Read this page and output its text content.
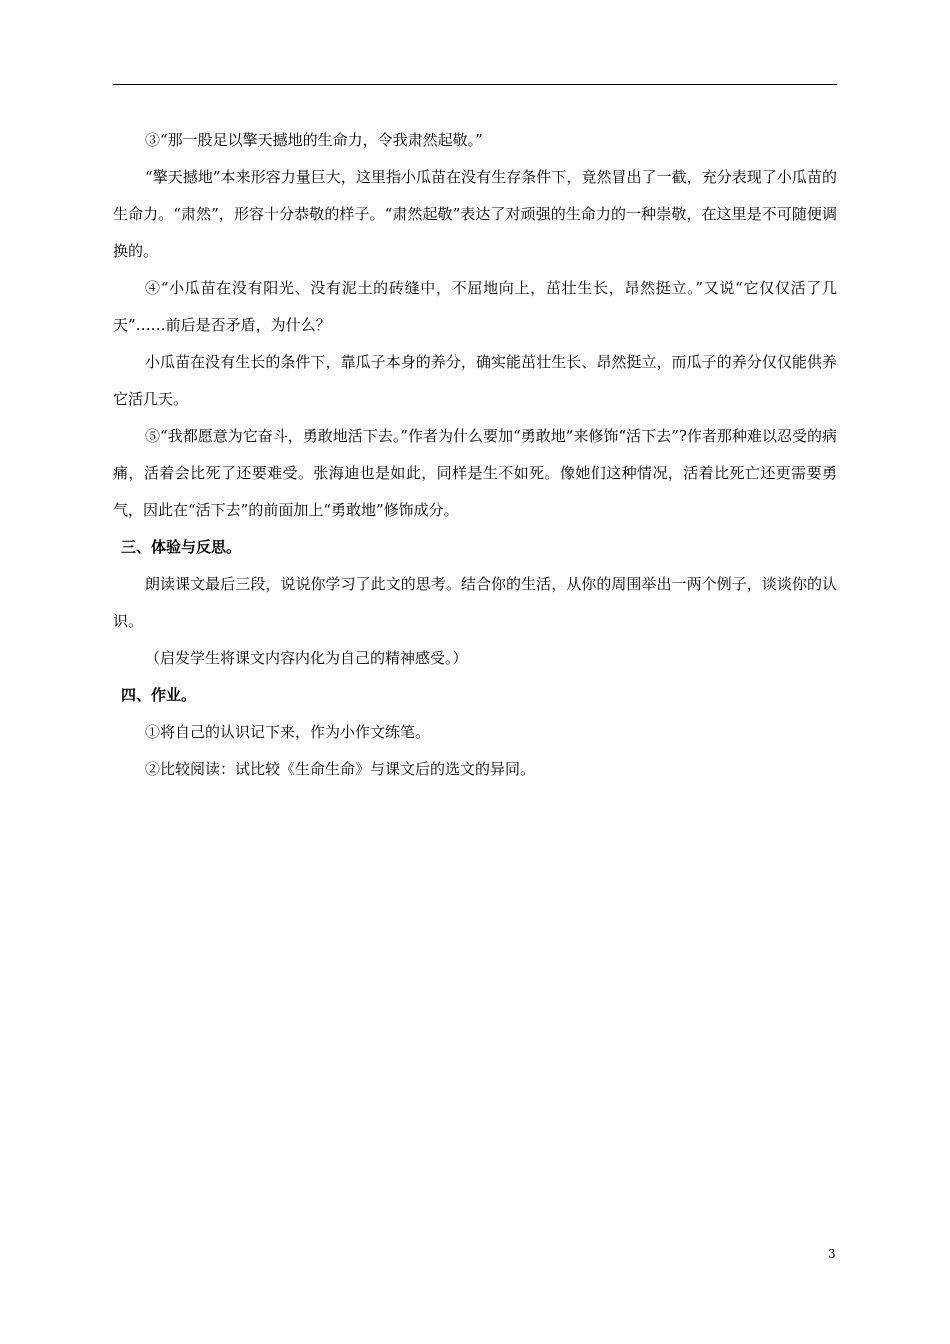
③“那一股足以擎天撼地的生命力，令我肃然起敬。”

“擎天撼地”本来形容力量巨大，这里指小瓜苗在没有生存条件下，竟然冒出了一截，充分表现了小瓜苗的生命力。“肃然”，形容十分恭敬的样子。“肃然起敬”表达了对顽强的生命力的一种崇敬，在这里是不可随便调换的。

④“小瓜苗在没有阳光、没有泥土的砖缝中，不屈地向上，茁壮生长，昂然挺立。”又说“它仅仅活了几天”……前后是否矛盾，为什么？

小瓜苗在没有生长的条件下，靠瓜子本身的养分，确实能茁壮生长、昂然挺立，而瓜子的养分仅仅能供养它活几天。

⑤“我都愿意为它奋斗，勇敢地活下去。”作者为什么要加“勇敢地”来修饰“活下去”?作者那种难以忍受的病痛，活着会比死了还要难受。张海迪也是如此，同样是生不如死。像她们这种情况，活着比死亡还更需要勇气，因此在“活下去”的前面加上“勇敢地”修饰成分。

三、体验与反思。

朗读课文最后三段，说说你学习了此文的思考。结合你的生活，从你的周围举出一两个例子，谈谈你的认识。

（启发学生将课文内容内化为自己的精神感受。）

四、作业。

①将自己的认识记下来，作为小作文练笔。

②比较阅读：试比较《生命生命》与课文后的选文的异同。

3
